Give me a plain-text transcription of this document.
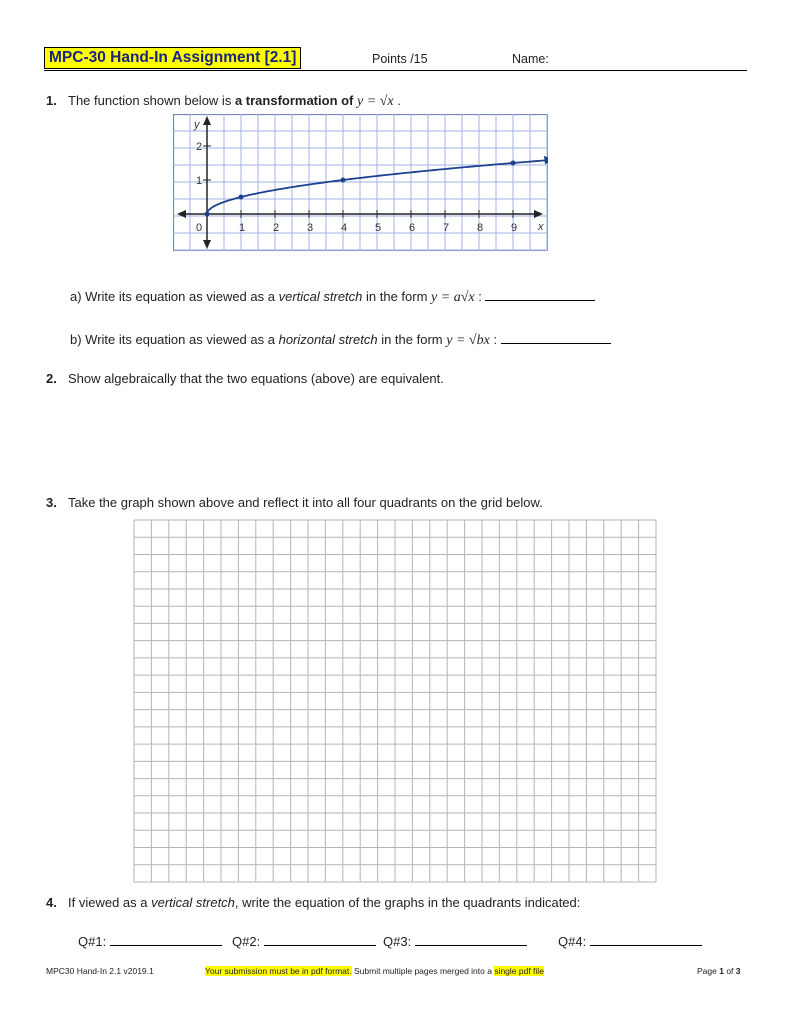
MPC-30 Hand-In Assignment [2.1]	Points /15	Name:
1. The function shown below is a transformation of y = √x .
0	1	2	3	4	5	6	7	8	9
1
2
x
y
a) Write its equation as viewed as a vertical stretch in the form y = a√x :
b) Write its equation as viewed as a horizontal stretch in the form y = √bx :
2. Show algebraically that the two equations (above) are equivalent.
3. Take the graph shown above and reflect it into all four quadrants on the grid below.
4. If viewed as a vertical stretch, write the equation of the graphs in the quadrants indicated:
Q#1:	Q#2:	Q#3:	Q#4:
MPC30 Hand-In 2.1 v2019.1	Your submission must be in pdf format. Submit multiple pages merged into a single pdf file	Page 1 of 3
